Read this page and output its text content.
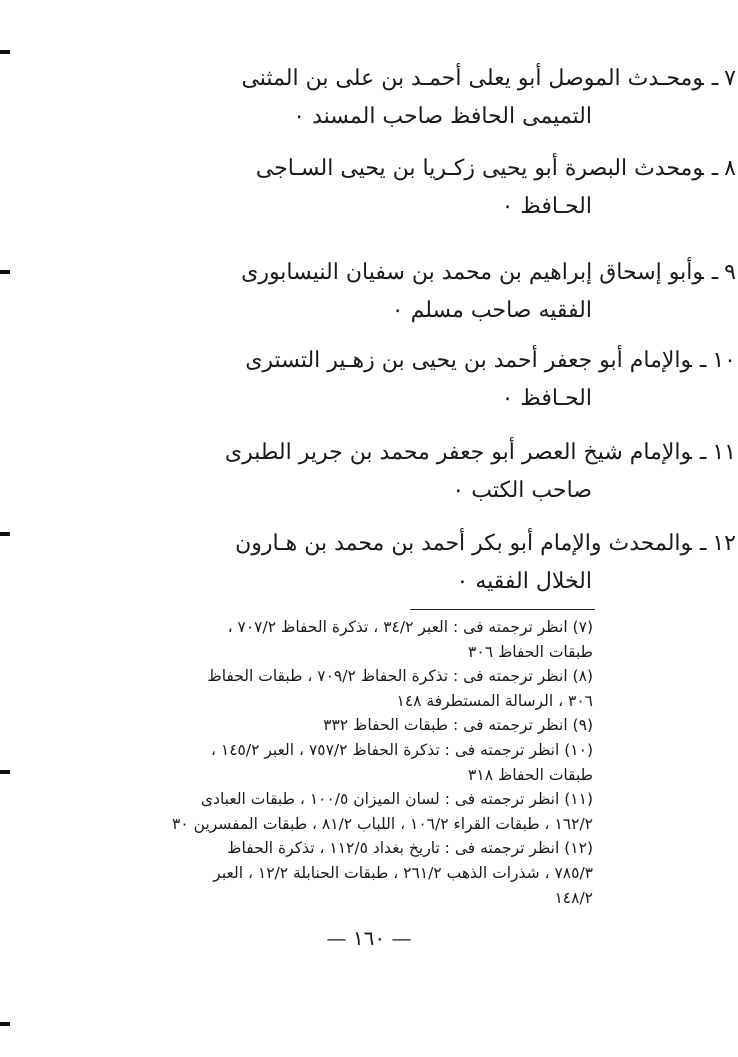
٧ـومحـدث الموصل أبو يعلى أحمـد بن على بن المثنى
التميمى الحافظ صاحب المسند ٠
٨ـومحدث البصرة أبو يحيى زكـريا بن يحيى السـاجى
الحـافظ ٠
٩ـوأبو إسحاق إبراهيم بن محمد بن سفيان النيسابورى
الفقيه صاحب مسلم ٠
١٠ـوالإمام أبو جعفر أحمد بن يحيى بن زهـير التسترى
الحـافظ ٠
١١ـوالإمام شيخ العصر أبو جعفر محمد بن جرير الطبرى
صاحب الكتب ٠
١٢ـوالمحدث والإمام أبو بكر أحمد بن محمد بن هـارون
الخلال الفقيه ٠
(٧) انظر ترجمته فى : العبر ٣٤/٢ ، تذكرة الحفاظ ٧٠٧/٢ ،
طبقات الحفاظ ٣٠٦
(٨) انظر ترجمته فى : تذكرة الحفاظ ٧٠٩/٢ ، طبقات الحفاظ
٣٠٦ ، الرسالة المستطرفة ١٤٨
(٩) انظر ترجمته فى : طبقات الحفاظ ٣٣٢
(١٠) انظر ترجمته فى : تذكرة الحفاظ ٧٥٧/٢ ، العبر ١٤٥/٢ ،
طبقات الحفاظ ٣١٨
(١١) انظر ترجمته فى : لسان الميزان ١٠٠/٥ ، طبقات العبادى
١٦٢/٢ ، طبقات القراء ١٠٦/٢ ، اللباب ٨١/٢ ، طبقات المفسرين ٣٠
(١٢) انظر ترجمته فى : تاريخ بغداد ١١٢/٥ ، تذكرة الحفاظ
٧٨٥/٣ ، شذرات الذهب ٢٦١/٢ ، طبقات الحنابلة ١٢/٢ ، العبر
١٤٨/٢
— ١٦٠ —
